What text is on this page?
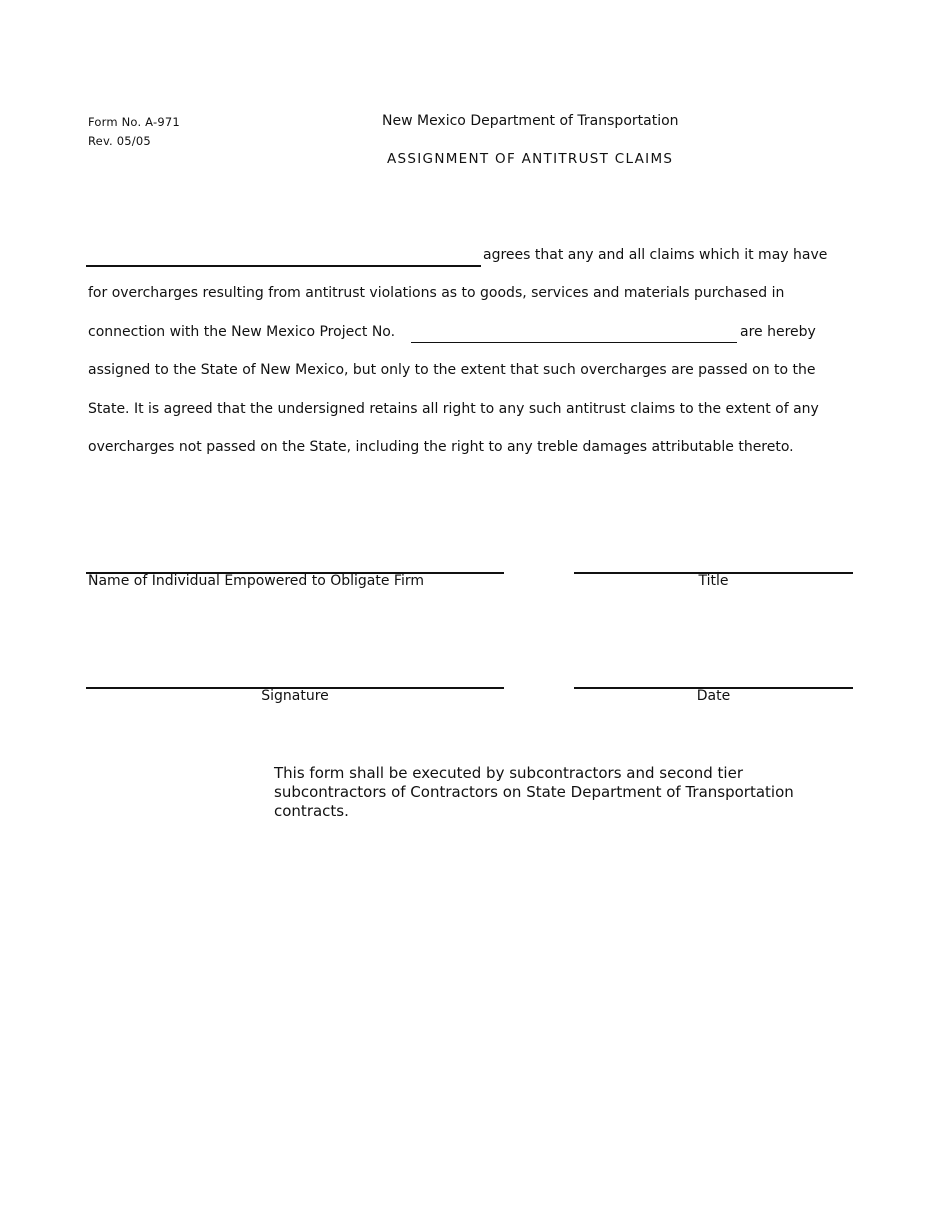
Form No. A-971
Rev. 05/05
New Mexico Department of Transportation
ASSIGNMENT OF ANTITRUST CLAIMS
agrees that any and all claims which it may have
for overcharges resulting from antitrust violations as to goods, services and materials purchased in
connection with the New Mexico Project No.	are hereby
assigned to the State of New Mexico, but only to the extent that such overcharges are passed on to the
State. It is agreed that the undersigned retains all right to any such antitrust claims to the extent of any
overcharges not passed on the State, including the right to any treble damages attributable thereto.
Name of Individual Empowered to Obligate Firm	Title
Signature	Date
This form shall be executed by subcontractors and second tier subcontractors of Contractors on State Department of Transportation contracts.
